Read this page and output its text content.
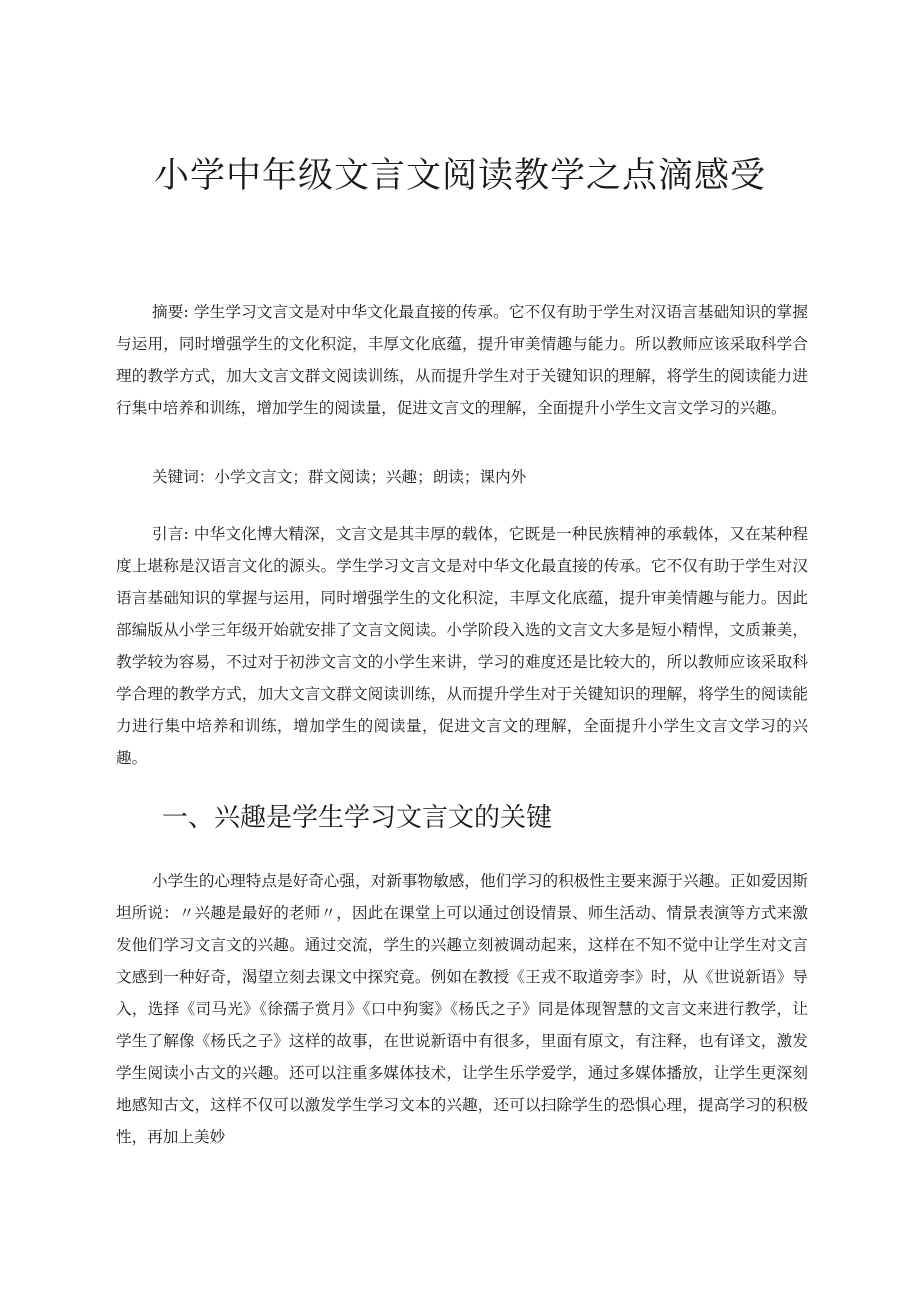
小学中年级文言文阅读教学之点滴感受

摘要: 学生学习文言文是对中华文化最直接的传承。它不仅有助于学生对汉语言基础知识的掌握与运用，同时增强学生的文化积淀，丰厚文化底蕴，提升审美情趣与能力。所以教师应该采取科学合理的教学方式，加大文言文群文阅读训练，从而提升学生对于关键知识的理解，将学生的阅读能力进行集中培养和训练，增加学生的阅读量，促进文言文的理解，全面提升小学生文言文学习的兴趣。

关键词：小学文言文；群文阅读；兴趣；朗读；课内外

引言: 中华文化博大精深，文言文是其丰厚的载体，它既是一种民族精神的承载体，又在某种程度上堪称是汉语言文化的源头。学生学习文言文是对中华文化最直接的传承。它不仅有助于学生对汉语言基础知识的掌握与运用，同时增强学生的文化积淀，丰厚文化底蕴，提升审美情趣与能力。因此部编版从小学三年级开始就安排了文言文阅读。小学阶段入选的文言文大多是短小精悍，文质兼美，教学较为容易，不过对于初涉文言文的小学生来讲，学习的难度还是比较大的，所以教师应该采取科学合理的教学方式，加大文言文群文阅读训练，从而提升学生对于关键知识的理解，将学生的阅读能力进行集中培养和训练，增加学生的阅读量，促进文言文的理解，全面提升小学生文言文学习的兴趣。

一、兴趣是学生学习文言文的关键

小学生的心理特点是好奇心强，对新事物敏感，他们学习的积极性主要来源于兴趣。正如爱因斯坦所说：〃兴趣是最好的老师〃，因此在课堂上可以通过创设情景、师生活动、情景表演等方式来激发他们学习文言文的兴趣。通过交流，学生的兴趣立刻被调动起来，这样在不知不觉中让学生对文言文感到一种好奇，渴望立刻去课文中探究竟。例如在教授《王戎不取道旁李》时，从《世说新语》导入，选择《司马光》《徐孺子赏月》《口中狗窦》《杨氏之子》同是体现智慧的文言文来进行教学，让学生了解像《杨氏之子》这样的故事，在世说新语中有很多，里面有原文，有注释，也有译文，激发学生阅读小古文的兴趣。还可以注重多媒体技术，让学生乐学爱学，通过多媒体播放，让学生更深刻地感知古文，这样不仅可以激发学生学习文本的兴趣，还可以扫除学生的恐惧心理，提高学习的积极性，再加上美妙
